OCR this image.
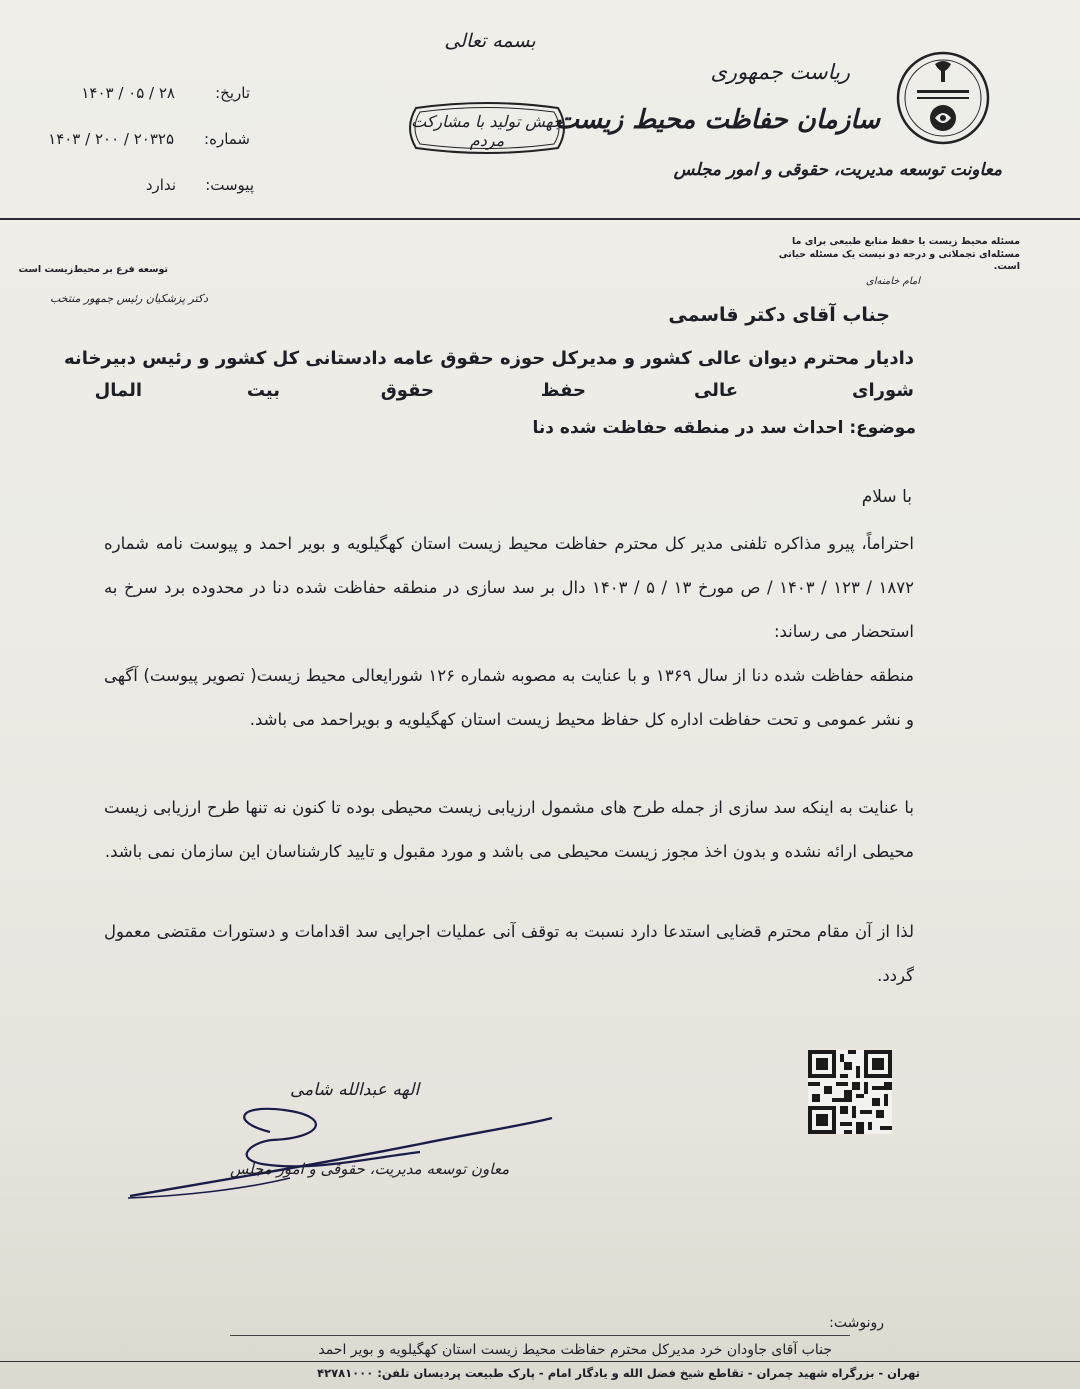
بسمه تعالی
ریاست جمهوری
سازمان حفاظت محیط زیست
معاونت توسعه مدیریت، حقوقی و امور مجلس
جهش تولید با مشارکت مردم
تاریخ:
۱۴۰۳ / ۰۵ / ۲۸
شماره:
۱۴۰۳ / ۲۰۰ / ۲۰۳۲۵
پیوست:
ندارد
مسئله محیط زیست یا حفظ منابع طبیعی برای ما مسئله‌ای تجملاتی و درجه دو نیست یک مسئله حیاتی است.
امام خامنه‌ای
توسعه فرع بر محیط‌زیست است
دکتر پزشکیان رئیس جمهور منتخب
جناب آقای دکتر قاسمی
دادیار محترم دیوان عالی کشور و مدیرکل حوزه حقوق عامه دادستانی کل کشور و رئیس دبیرخانه
شورای
عالی
حفظ
حقوق
بیت
المال
موضوع: احداث سد در منطقه حفاظت شده دنا
با سلام
احتراماً، پیرو مذاکره تلفنی مدیر کل محترم حفاظت محیط زیست استان کهگیلویه و بویر احمد و پیوست نامه شماره ۱۸۷۲ / ۱۲۳ / ۱۴۰۳ / ص مورخ ۱۳ / ۵ / ۱۴۰۳ دال بر سد سازی در منطقه حفاظت شده دنا در محدوده برد سرخ به استحضار می رساند:
منطقه حفاظت شده دنا از سال ۱۳۶۹ و با عنایت به مصوبه شماره ۱۲۶ شورایعالی محیط زیست( تصویر پیوست) آگهی و نشر عمومی و تحت حفاظت اداره کل حفاظ محیط زیست استان کهگیلویه و بویراحمد می باشد.
با عنایت به اینکه سد سازی از جمله طرح های مشمول ارزیابی زیست محیطی بوده تا کنون نه تنها طرح ارزیابی زیست محیطی ارائه نشده و بدون اخذ مجوز زیست محیطی می باشد و مورد مقبول و تایید کارشناسان این سازمان نمی باشد.
لذا از آن مقام محترم قضایی استدعا دارد نسبت به توقف آنی عملیات اجرایی سد اقدامات و دستورات مقتضی معمول گردد.
الهه عبدالله شامی
معاون توسعه مدیریت، حقوقی و امور مجلس
رونوشت:
جناب آقای جاودان خرد مدیرکل محترم حفاظت محیط زیست استان کهگیلویه و بویر احمد
تهران - بزرگراه شهید چمران - تقاطع شیخ فضل الله و یادگار امام - پارک طبیعت پردیسان تلفن: ۴۲۷۸۱۰۰۰
